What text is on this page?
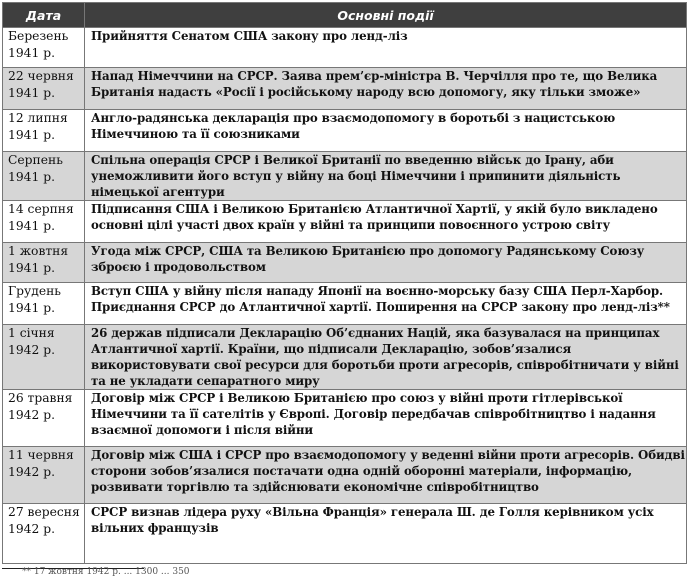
Дата	Основні події
Березень 1941 р.	Прийняття Сенатом США закону про ленд-ліз
22 червня 1941 р.	Напад Німеччини на СРСР. Заява прем’єр-міністра В. Черчілля про те, що Велика Британія надасть «Росії і російському народу всю допомогу, яку тільки зможе»
12 липня 1941 р.	Англо-радянська декларація про взаємодопомогу в боротьбі з нацистською Німеччиною та її союзниками
Серпень 1941 р.	Спільна операція СРСР і Великої Британії по введенню військ до Ірану, аби унеможливити його вступ у війну на боці Німеччини і припинити діяльність німецької агентури
14 серпня 1941 р.	Підписання США і Великою Британією Атлантичної Хартії, у якій було викладено основні цілі участі двох країн у війні та принципи повоєнного устрою світу
1 жовтня 1941 р.	Угода між СРСР, США та Великою Британією про допомогу Радянському Союзу зброєю і продовольством
Грудень 1941 р.	Вступ США у війну після нападу Японії на воєнно-морську базу США Перл-Харбор. Приєднання СРСР до Атлантичної хартії. Поширення на СРСР закону про ленд-ліз**
1 січня 1942 р.	26 держав підписали Декларацію Об’єднаних Націй, яка базувалася на принципах Атлантичної хартії. Країни, що підписали Декларацію, зобов’язалися використовувати свої ресурси для боротьби проти агресорів, співробітничати у війні та не укладати сепаратного миру
26 травня 1942 р.	Договір між СРСР і Великою Британією про союз у війні проти гітлерівської Німеччини та її сателітів у Європі. Договір передбачав співробітництво і надання взаємної допомоги і після війни
11 червня 1942 р.	Договір між США і СРСР про взаємодопомогу у веденні війни проти агресорів. Обидві сторони зобов’язалися постачати одна одній оборонні матеріали, інформацію, розвивати торгівлю та здійснювати економічне співробітництво
27 вересня 1942 р.	СРСР визнав лідера руху «Вільна Франція» генерала Ш. де Голля керівником усіх вільних французів
** 17 жовтня 1942 р. ... 1300 ... 350
